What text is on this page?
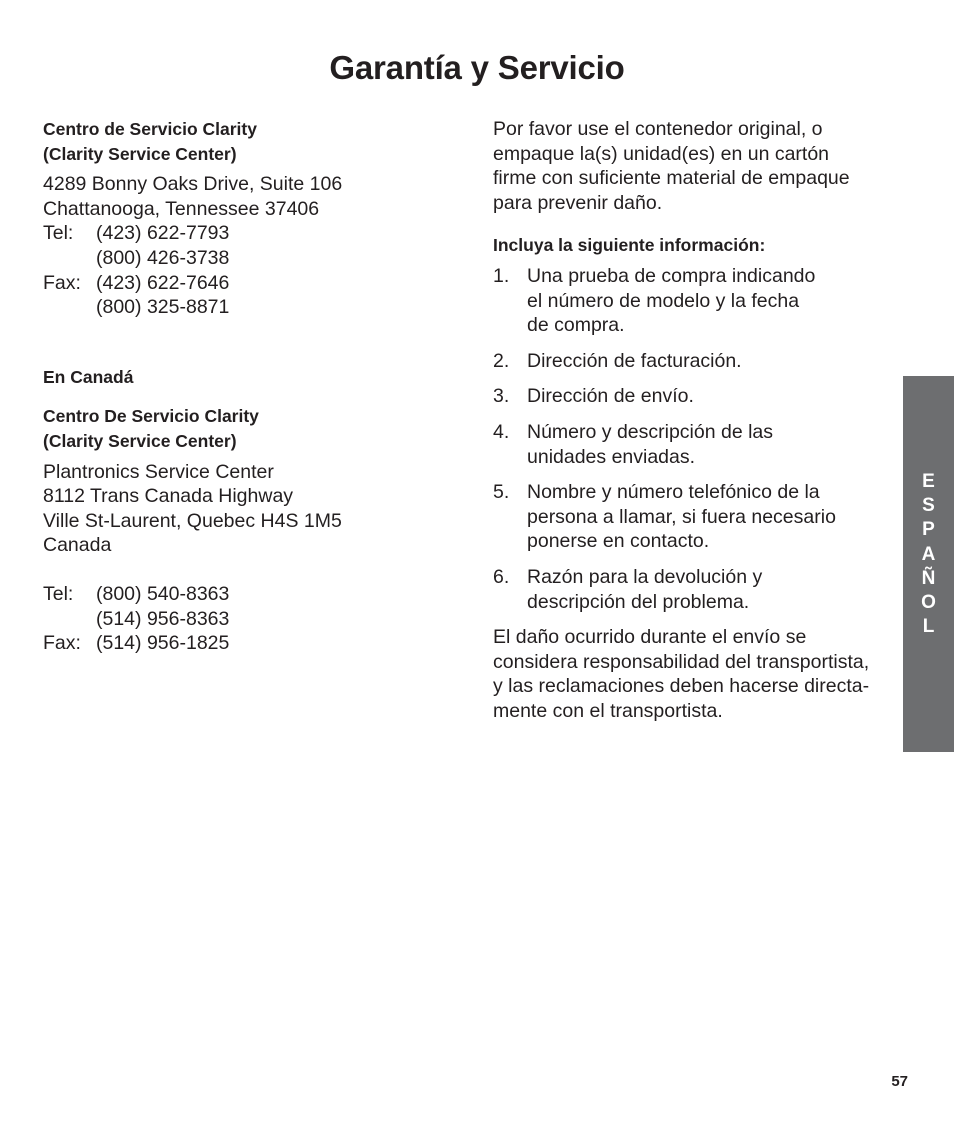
Garantía y Servicio
Centro de Servicio Clarity
(Clarity Service Center)
4289 Bonny Oaks Drive, Suite 106
Chattanooga, Tennessee 37406
Tel:	(423) 622-7793
(800) 426-3738
Fax: (423) 622-7646
(800) 325-8871
En Canadá
Centro De Servicio Clarity
(Clarity Service Center)
Plantronics Service Center
8112 Trans Canada Highway
Ville St-Laurent, Quebec H4S 1M5
Canada
Tel:	(800) 540-8363
(514) 956-8363
Fax: (514) 956-1825
Por favor use el contenedor original, o
empaque la(s) unidad(es) en un cartón
firme con suficiente material de empaque
para prevenir daño.
Incluya la siguiente información:
1. Una prueba de compra indicando
el número de modelo y la fecha
de compra.
2. Dirección de facturación.
3. Dirección de envío.
4. Número y descripción de las
unidades enviadas.
5. Nombre y número telefónico de la
persona a llamar, si fuera necesario
ponerse en contacto.
6. Razón para la devolución y
descripción del problema.
El daño ocurrido durante el envío se
considera responsabilidad del transportista,
y las reclamaciones deben hacerse directa-
mente con el transportista.
E
S
P
A
Ñ
O
L
57
